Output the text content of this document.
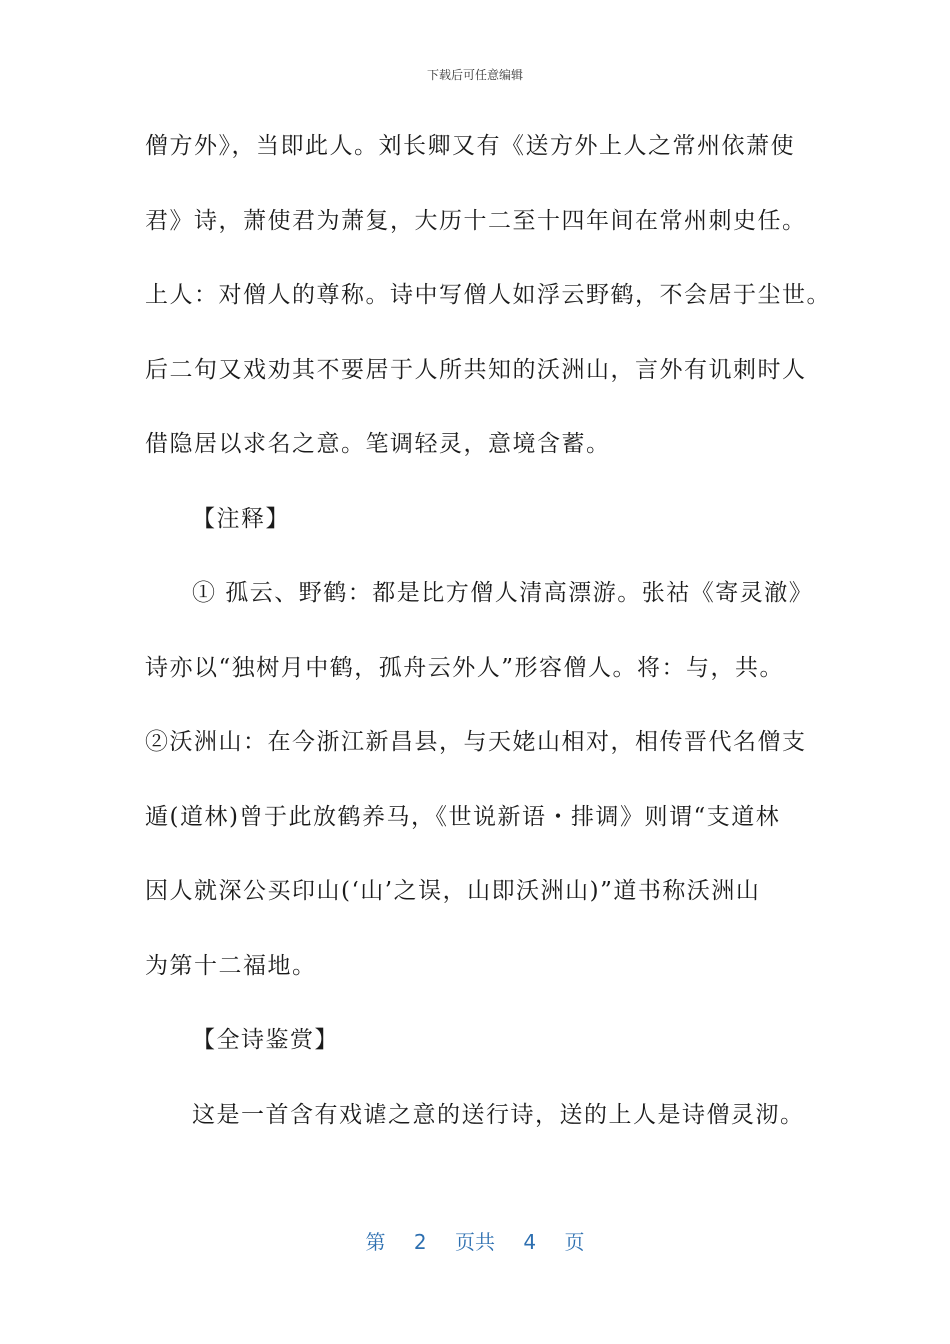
下载后可任意编辑
僧方外》，当即此人。刘长卿又有《送方外上人之常州依萧使
君》诗，萧使君为萧复，大历十二至十四年间在常州刺史任。
上人：对僧人的尊称。诗中写僧人如浮云野鹤，不会居于尘世。
后二句又戏劝其不要居于人所共知的沃洲山，言外有讥刺时人
借隐居以求名之意。笔调轻灵，意境含蓄。
【注释】
① 孤云、野鹤：都是比方僧人清高漂游。张祜《寄灵澈》
诗亦以“独树月中鹤，孤舟云外人”形容僧人。将：与，共。
②沃洲山：在今浙江新昌县，与天姥山相对，相传晋代名僧支
遁(道林)曾于此放鹤养马，《世说新语・排调》则谓“支道林
因人就深公买印山(‘山’之误，山即沃洲山)”道书称沃洲山
为第十二福地。
【全诗鉴赏】
这是一首含有戏谑之意的送行诗，送的上人是诗僧灵沏。
第 2 页共 4 页
